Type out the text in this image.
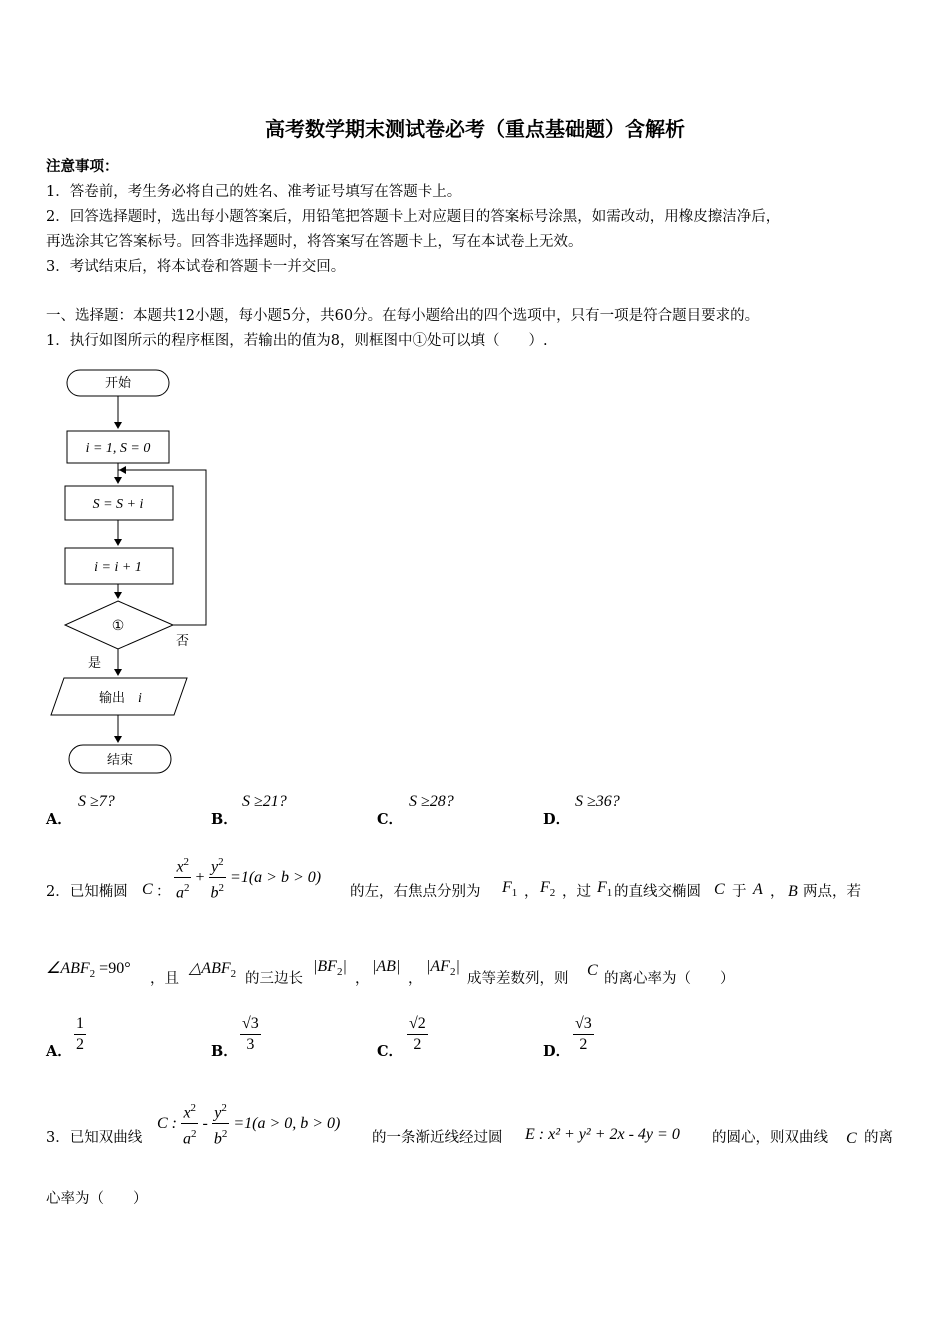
高考数学期末测试卷必考（重点基础题）含解析
注意事项：
1．答卷前，考生务必将自己的姓名、准考证号填写在答题卡上。
2．回答选择题时，选出每小题答案后，用铅笔把答题卡上对应题目的答案标号涂黑，如需改动，用橡皮擦洁净后，
再选涂其它答案标号。回答非选择题时，将答案写在答题卡上，写在本试卷上无效。
3．考试结束后，将本试卷和答题卡一并交回。
一、选择题：本题共12小题，每小题5分，共60分。在每小题给出的四个选项中，只有一项是符合题目要求的。
1．执行如图所示的程序框图，若输出的值为8，则框图中①处可以填（　　）.
开始
i = 1, S = 0
S = S + i
i = i + 1
①
否
是
输出 i
结束
A．
S ≥7?
B．
S ≥21?
C．
S ≥28?
D．
S ≥36?
2．已知椭圆 C ： $\frac{x^2}{a^2} + \frac{y^2}{b^2} =1(a > b > 0)$
的左，右焦点分别为 $F_1$ ， $F_2$ ，过 $F_1$ 的直线交椭圆 C 于 A ， B 两点，若
$\angle ABF_2 =90^\circ$
，且
$\triangle ABF_2$ 的三边长
$|BF_2|$
，
|AB|
，
$|AF_2|$
成等差数列，则 C 的离心率为（　　）
A． $\frac{1}{2}$	B． $\frac{√3}{3}$	C． $\frac{√2}{2}$	D． $\frac{√3}{2}$
3．已知双曲线
C : $\frac{x^2}{a^2} - \frac{y^2}{b^2} =1(a > 0$, b > 0)
的一条渐近线经过圆 E : x² + y² + 2x - 4y = 0 的圆心，则双曲线 C 的离
心率为（　　）
